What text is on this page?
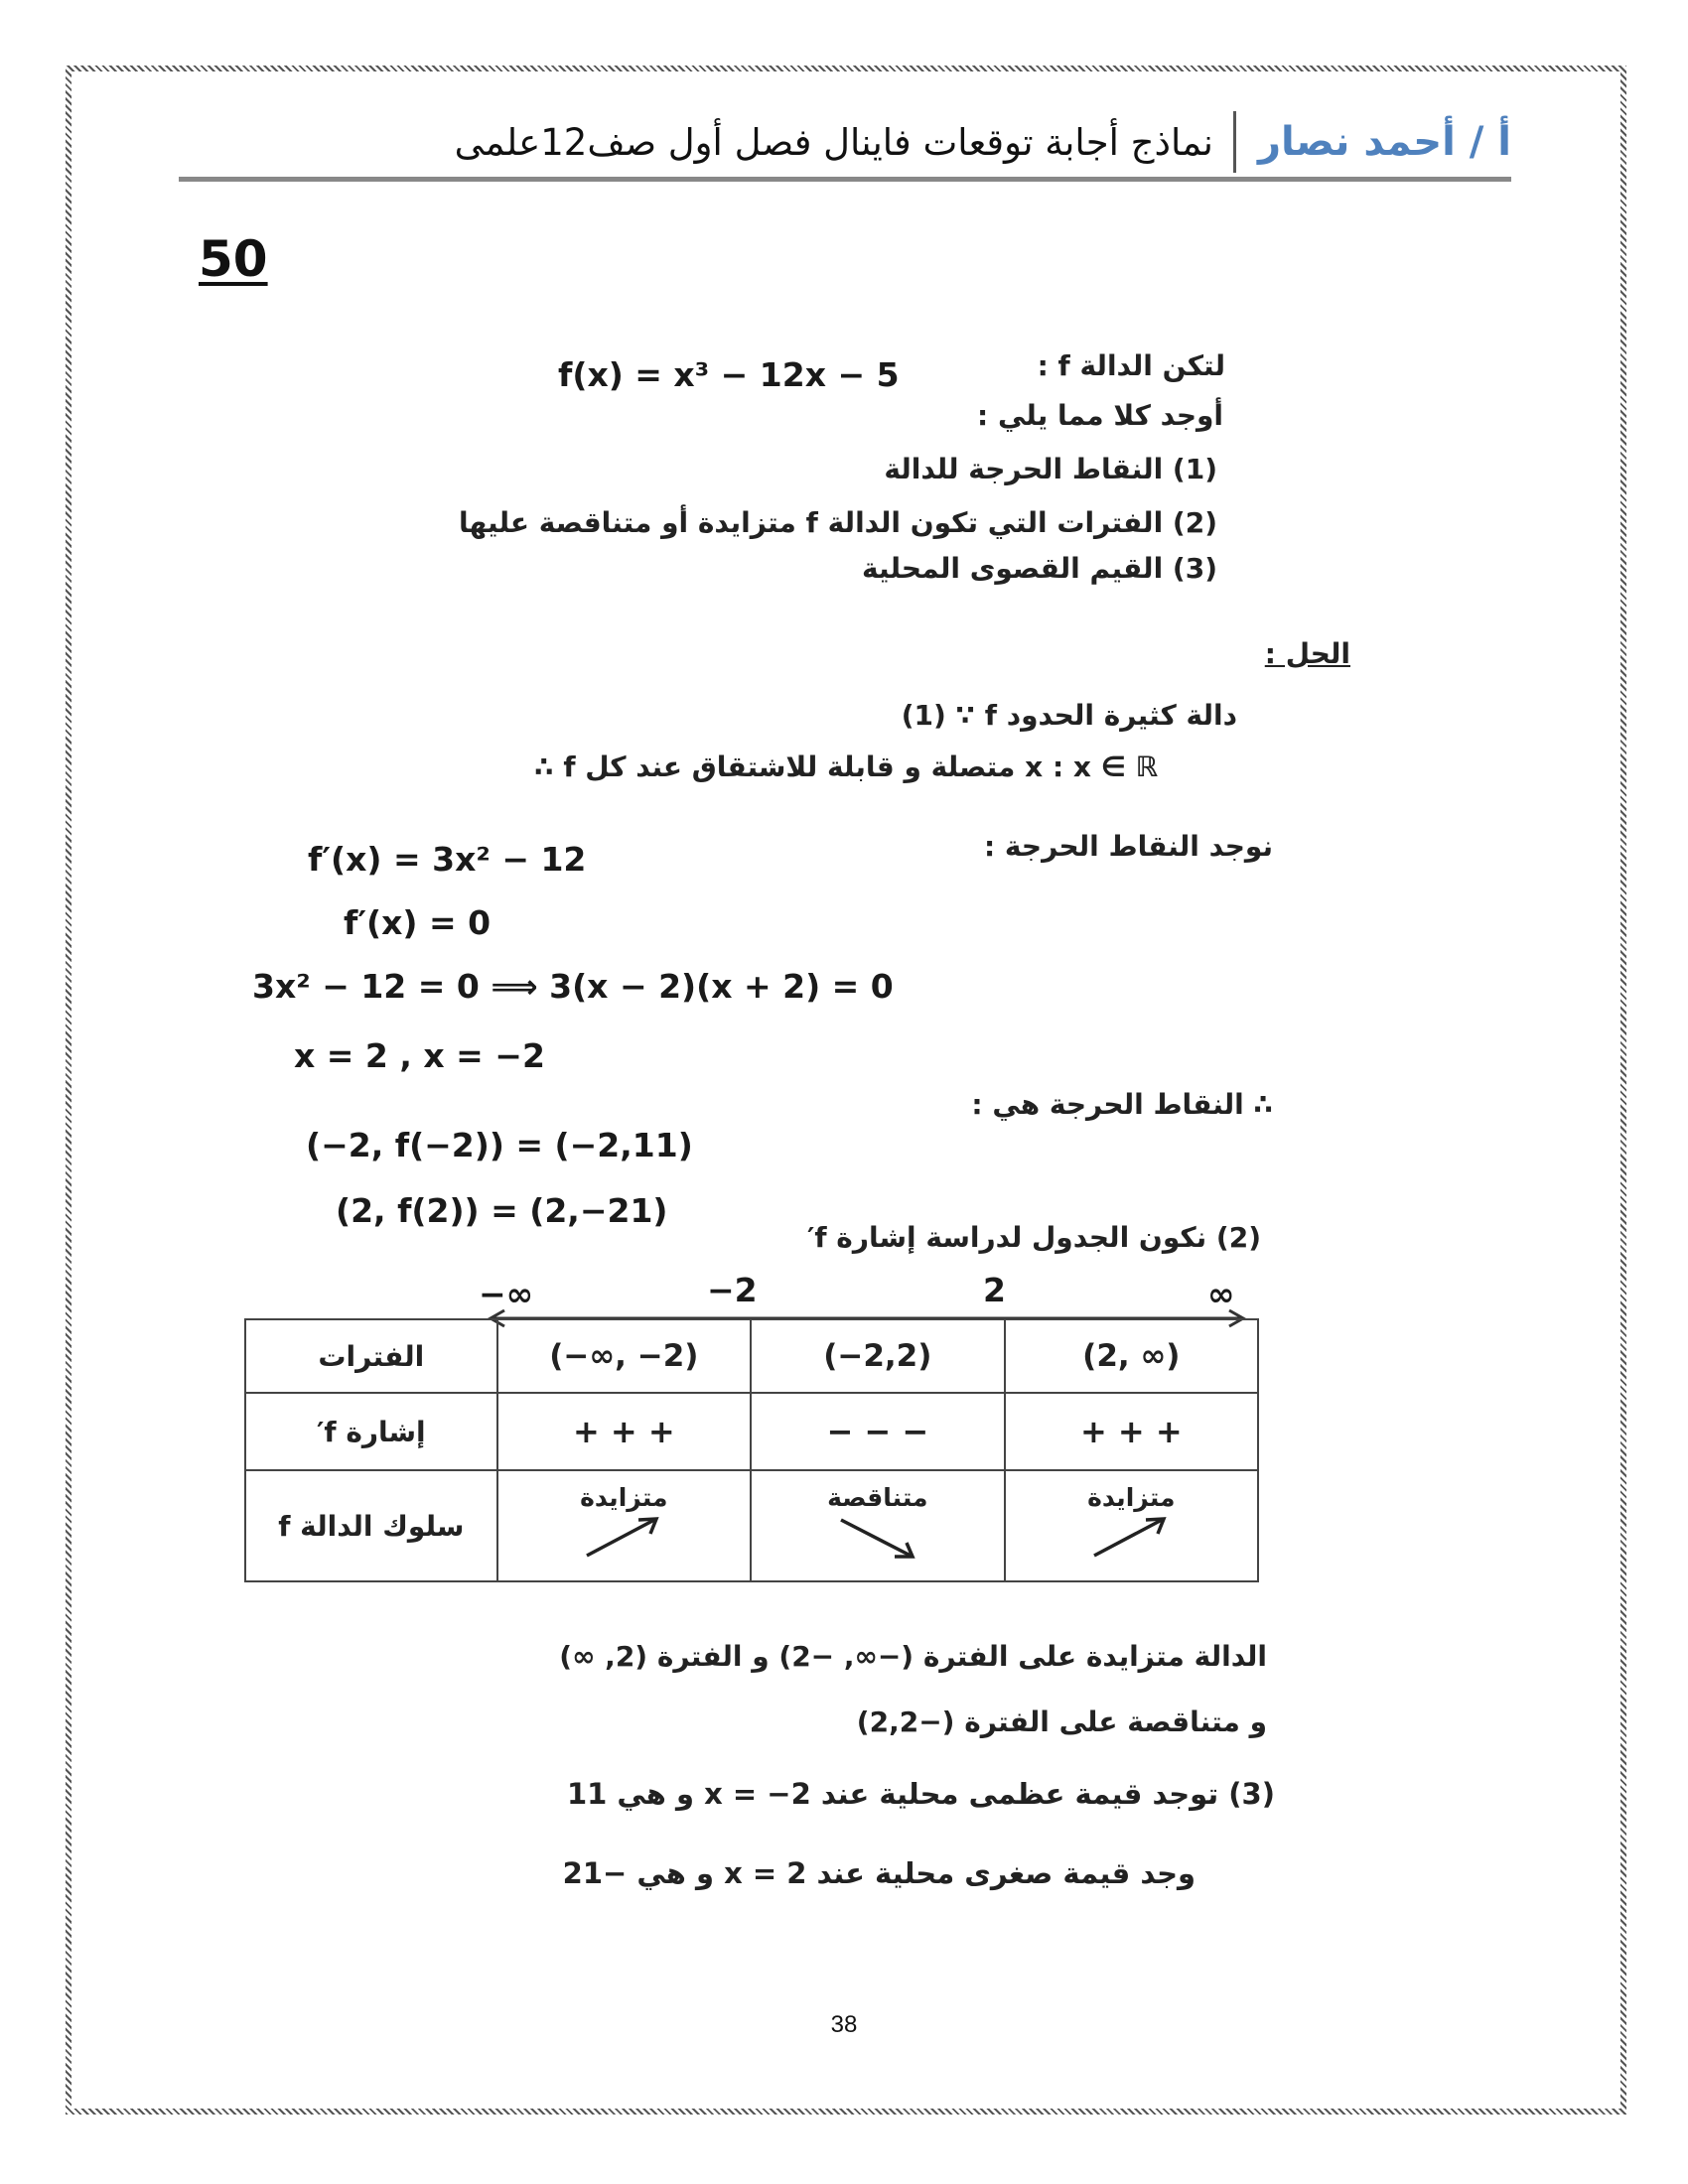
أ / أحمد نصار
نماذج أجابة توقعات فاينال فصل أول صف12علمى
50
لتكن الدالة f :
f(x) = x³ − 12x − 5
أوجد كلا مما يلي :
(1) النقاط الحرجة للدالة
(2) الفترات التي تكون الدالة f متزايدة أو متناقصة عليها
(3) القيم القصوى المحلية
الحل :
(1) ∵ f دالة كثيرة الحدود
∴ f متصلة و قابلة للاشتقاق عند كل x : x ∈ ℝ
نوجد النقاط الحرجة :
f′(x) = 3x² − 12
f′(x) = 0
3x² − 12 = 0 ⟹ 3(x − 2)(x + 2) = 0
x = 2 , x = −2
∴ النقاط الحرجة هي :
(−2, f(−2)) = (−2,11)
(2, f(2)) = (2,−21)
(2) نكون الجدول لدراسة إشارة f′
−∞	−2	2	∞
الفترات	(−∞, −2)	(−2,2)	(2, ∞)
إشارة f′	+ + +	− − −	+ + +
سلوك الدالة f	متزايدة	متناقصة	متزايدة
الدالة متزايدة على الفترة (−∞, −2) و الفترة (2, ∞)
و متناقصة على الفترة (−2,2)
(3) توجد قيمة عظمى محلية عند x = −2 و هي 11
وجد قيمة صغرى محلية عند x = 2 و هي −21
38
